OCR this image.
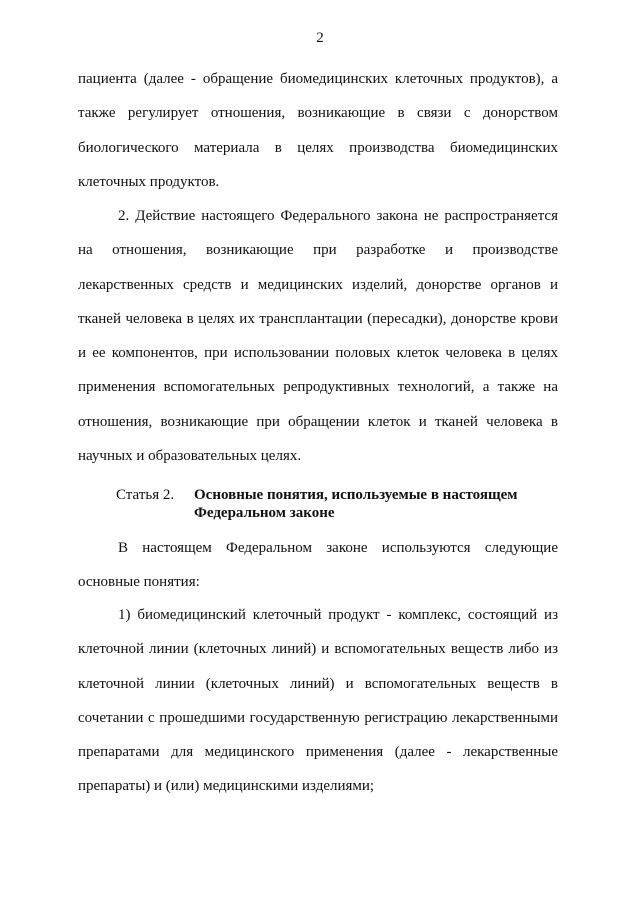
2

пациента (далее - обращение биомедицинских клеточных продуктов), а также регулирует отношения, возникающие в связи с донорством биологического материала в целях производства биомедицинских клеточных продуктов.

2. Действие настоящего Федерального закона не распространяется на отношения, возникающие при разработке и производстве лекарственных средств и медицинских изделий, донорстве органов и тканей человека в целях их трансплантации (пересадки), донорстве крови и ее компонентов, при использовании половых клеток человека в целях применения вспомогательных репродуктивных технологий, а также на отношения, возникающие при обращении клеток и тканей человека в научных и образовательных целях.

Статья 2.	Основные понятия, используемые в настоящем Федеральном законе

В настоящем Федеральном законе используются следующие основные понятия:

1) биомедицинский клеточный продукт - комплекс, состоящий из клеточной линии (клеточных линий) и вспомогательных веществ либо из клеточной линии (клеточных линий) и вспомогательных веществ в сочетании с прошедшими государственную регистрацию лекарственными препаратами для медицинского применения (далее - лекарственные препараты) и (или) медицинскими изделиями;
